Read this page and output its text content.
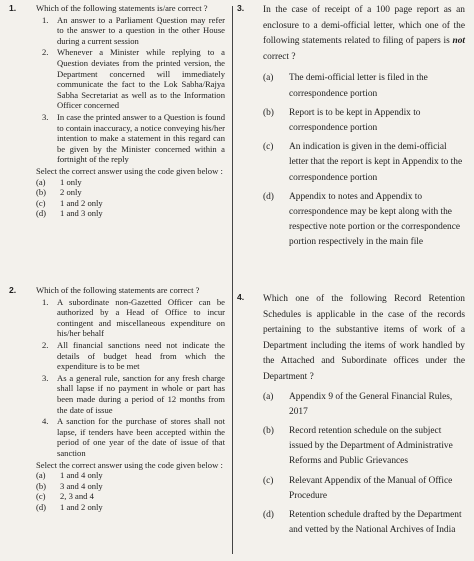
1. Which of the following statements is/are correct ?
1. An answer to a Parliament Question may refer to the answer to a question in the other House during a current session
2. Whenever a Minister while replying to a Question deviates from the printed version, the Department concerned will immediately communicate the fact to the Lok Sabha/Rajya Sabha Secretariat as well as to the Information Officer concerned
3. In case the printed answer to a Question is found to contain inaccuracy, a notice conveying his/her intention to make a statement in this regard can be given by the Minister concerned within a fortnight of the reply
Select the correct answer using the code given below :
(a) 1 only
(b) 2 only
(c) 1 and 2 only
(d) 1 and 3 only
2. Which of the following statements are correct ?
1. A subordinate non-Gazetted Officer can be authorized by a Head of Office to incur contingent and miscellaneous expenditure on his/her behalf
2. All financial sanctions need not indicate the details of budget head from which the expenditure is to be met
3. As a general rule, sanction for any fresh charge shall lapse if no payment in whole or part has been made during a period of 12 months from the date of issue
4. A sanction for the purchase of stores shall not lapse, if tenders have been accepted within the period of one year of the date of issue of that sanction
Select the correct answer using the code given below :
(a) 1 and 4 only
(b) 3 and 4 only
(c) 2, 3 and 4
(d) 1 and 2 only
3. In the case of receipt of a 100 page report as an enclosure to a demi-official letter, which one of the following statements related to filing of papers is not correct ?
(a) The demi-official letter is filed in the correspondence portion
(b) Report is to be kept in Appendix to correspondence portion
(c) An indication is given in the demi-official letter that the report is kept in Appendix to the correspondence portion
(d) Appendix to notes and Appendix to correspondence may be kept along with the respective note portion or the correspondence portion respectively in the main file
4. Which one of the following Record Retention Schedules is applicable in the case of the records pertaining to the substantive items of work of a Department including the items of work handled by the Attached and Subordinate offices under the Department ?
(a) Appendix 9 of the General Financial Rules, 2017
(b) Record retention schedule on the subject issued by the Department of Administrative Reforms and Public Grievances
(c) Relevant Appendix of the Manual of Office Procedure
(d) Retention schedule drafted by the Department and vetted by the National Archives of India
